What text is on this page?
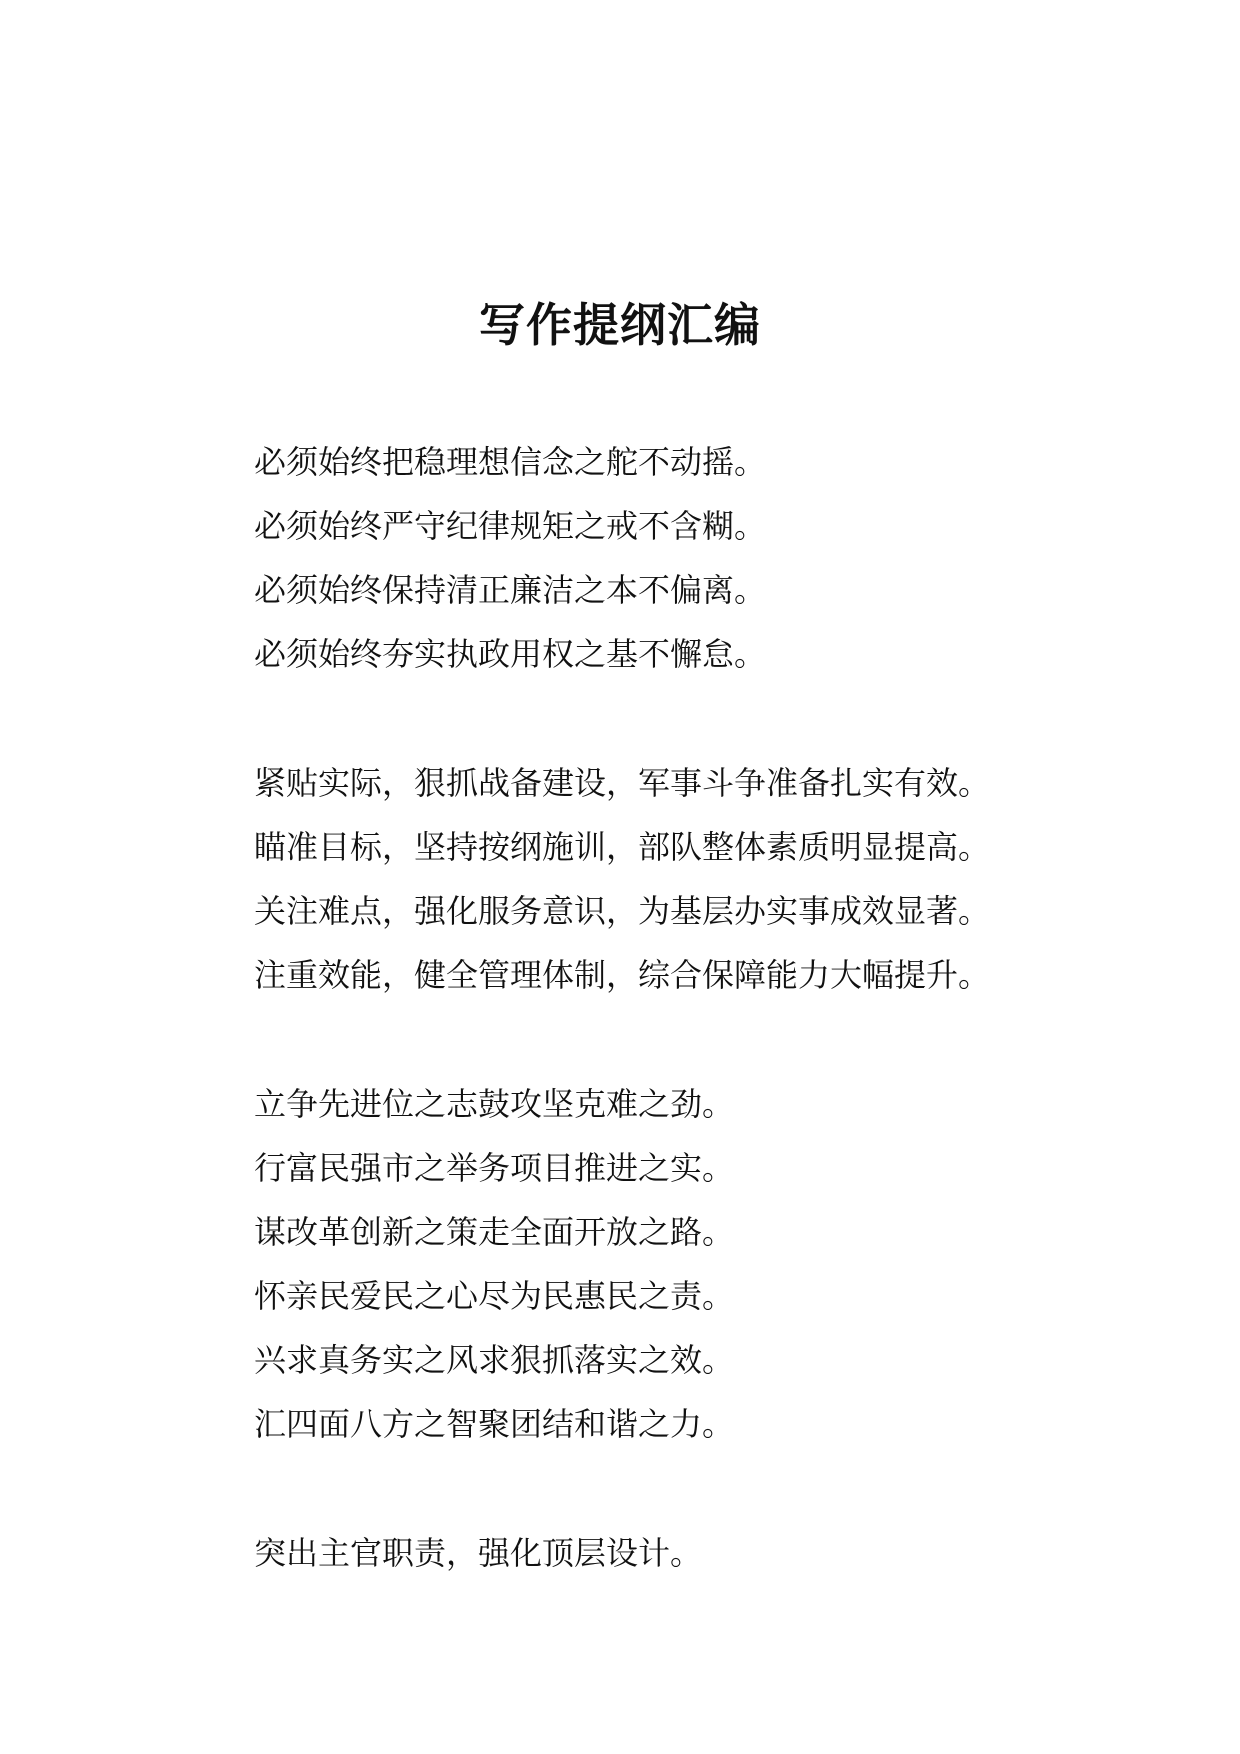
写作提纲汇编
必须始终把稳理想信念之舵不动摇。
必须始终严守纪律规矩之戒不含糊。
必须始终保持清正廉洁之本不偏离。
必须始终夯实执政用权之基不懈怠。
紧贴实际，狠抓战备建设，军事斗争准备扎实有效。
瞄准目标，坚持按纲施训，部队整体素质明显提高。
关注难点，强化服务意识，为基层办实事成效显著。
注重效能，健全管理体制，综合保障能力大幅提升。
立争先进位之志鼓攻坚克难之劲。
行富民强市之举务项目推进之实。
谋改革创新之策走全面开放之路。
怀亲民爱民之心尽为民惠民之责。
兴求真务实之风求狠抓落实之效。
汇四面八方之智聚团结和谐之力。
突出主官职责，强化顶层设计。
